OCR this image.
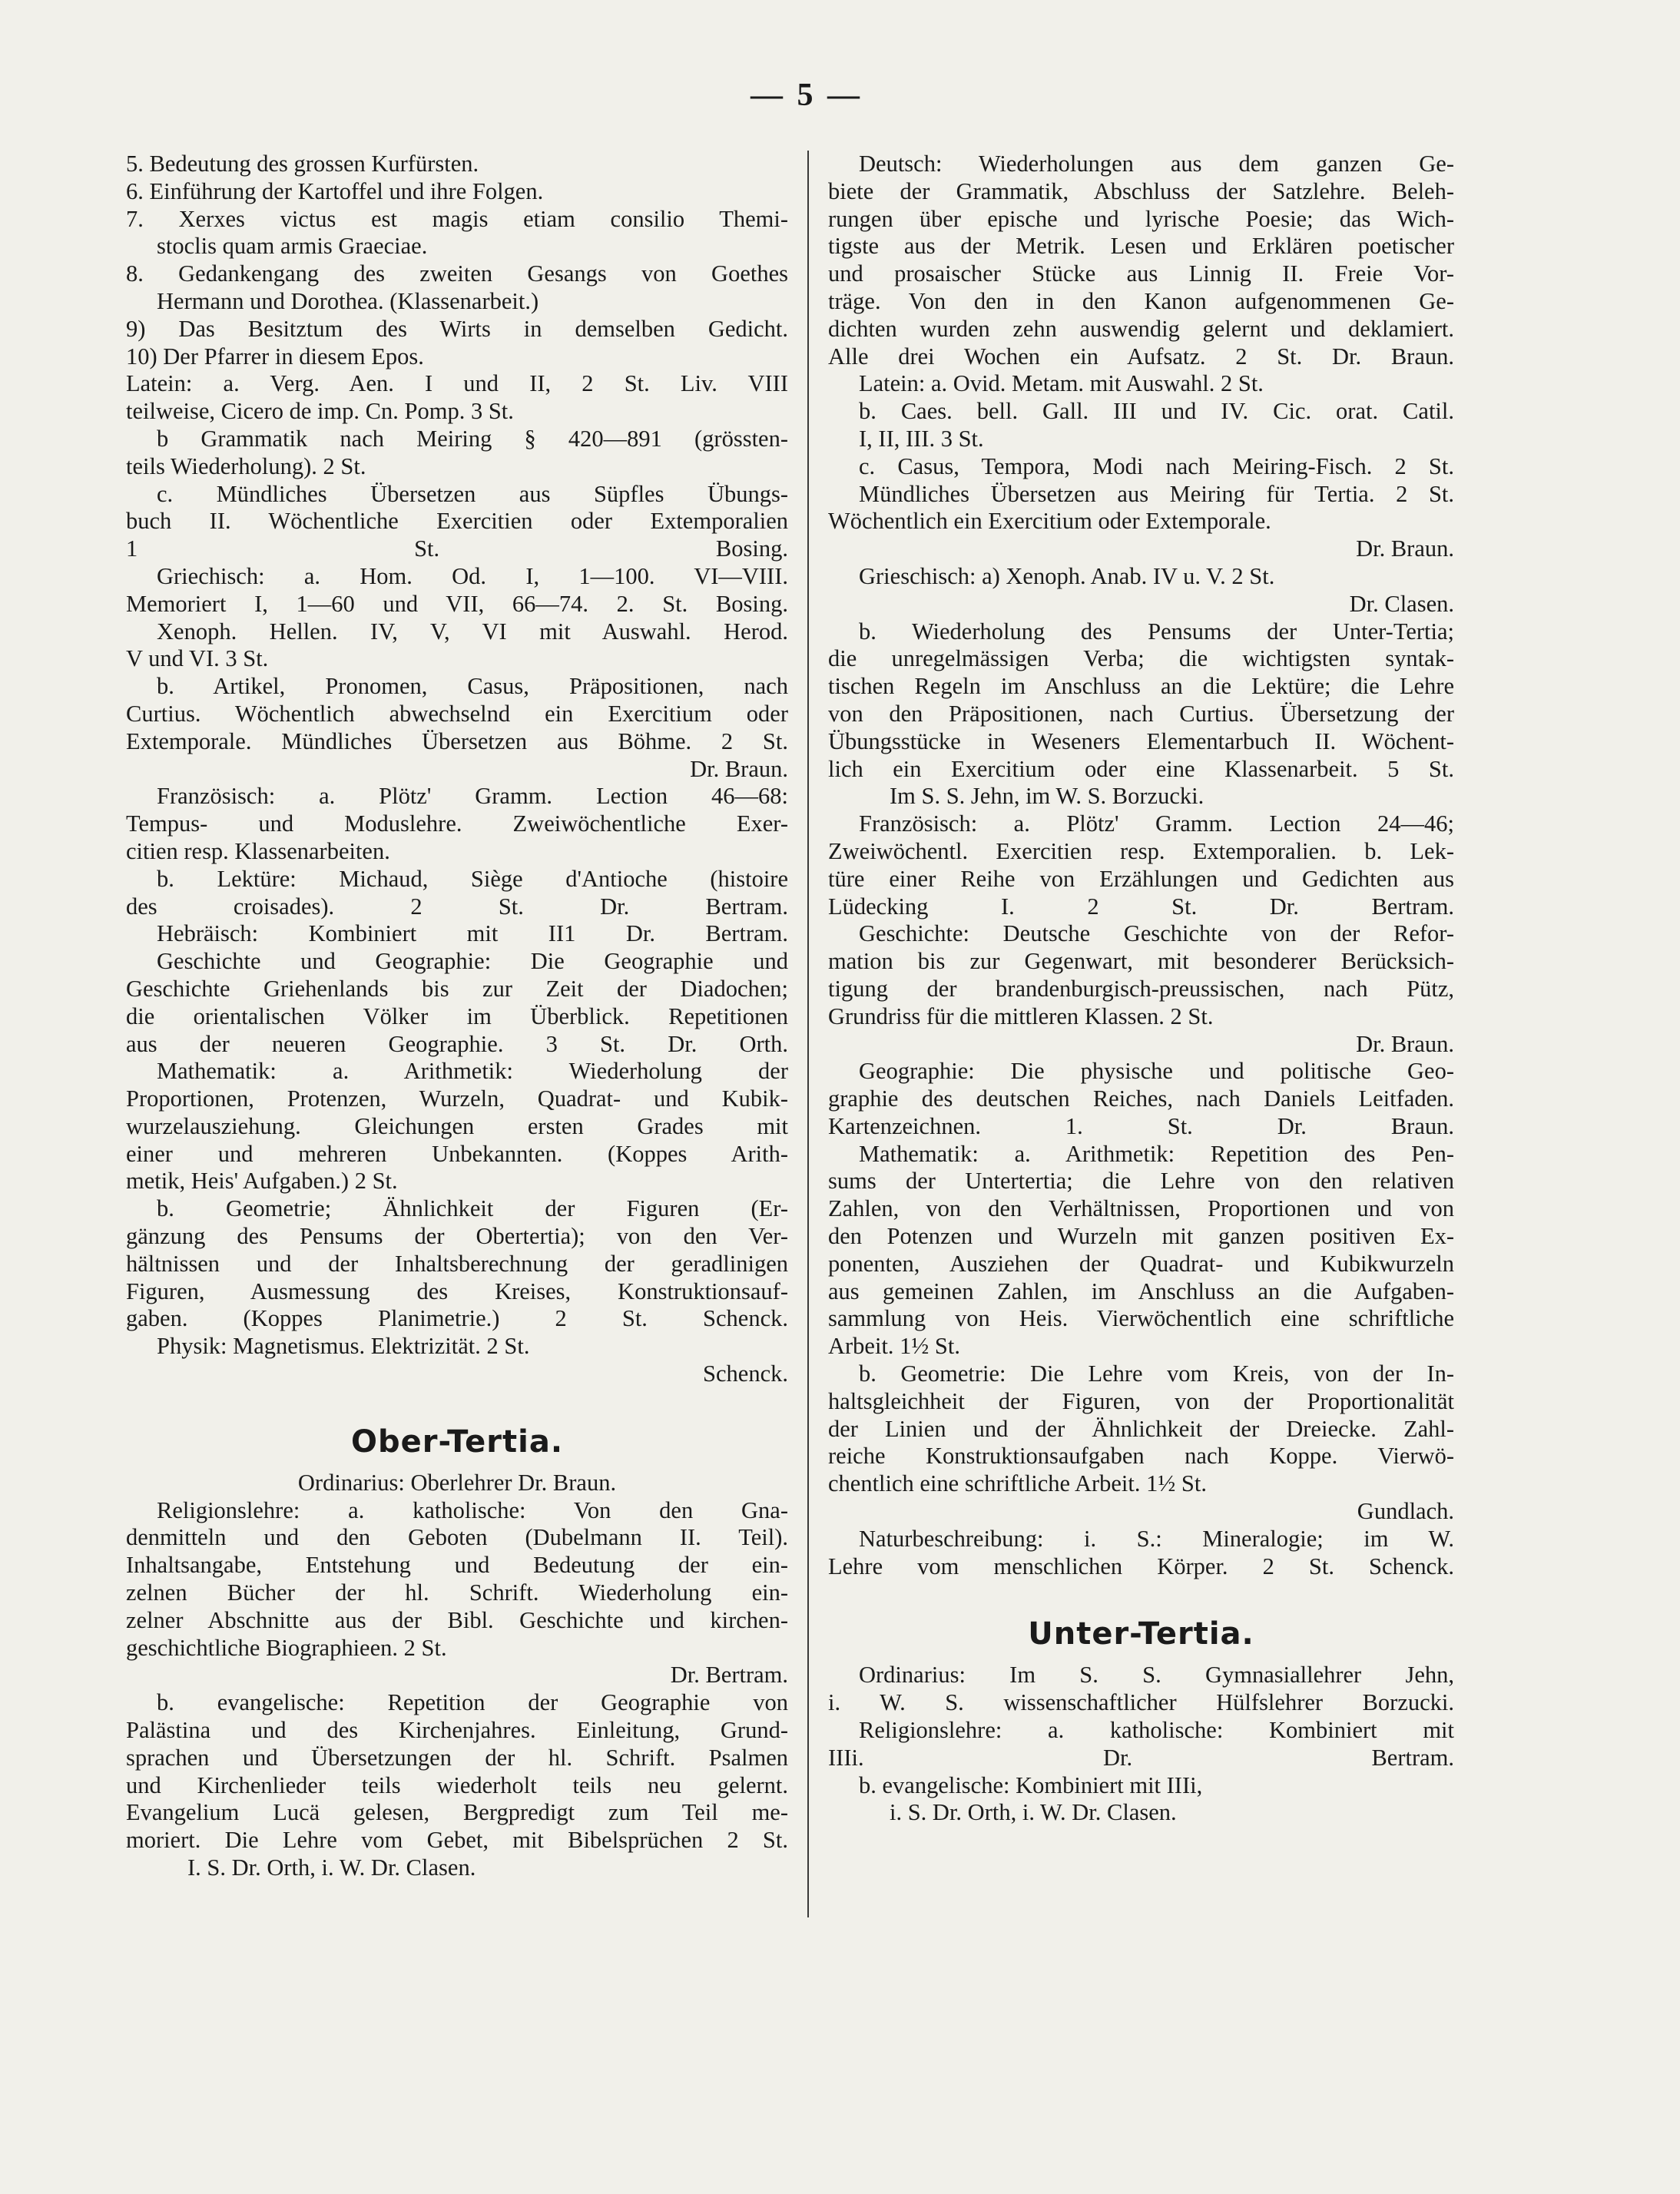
— 5 —
5. Bedeutung des grossen Kurfürsten.
6. Einführung der Kartoffel und ihre Folgen.
7. Xerxes victus est magis etiam consilio Themi-
stoclis quam armis Graeciae.
8. Gedankengang des zweiten Gesangs von Goethes
Hermann und Dorothea. (Klassenarbeit.)
9) Das Besitztum des Wirts in demselben Gedicht.
10) Der Pfarrer in diesem Epos.
Latein: a. Verg. Aen. I und II, 2 St. Liv. VIII
teilweise, Cicero de imp. Cn. Pomp. 3 St.
b Grammatik nach Meiring § 420—891 (grössten-
teils Wiederholung). 2 St.
c. Mündliches Übersetzen aus Süpfles Übungs-
buch II. Wöchentliche Exercitien oder Extemporalien
1 St. Bosing.
Griechisch: a. Hom. Od. I, 1—100. VI—VIII.
Memoriert I, 1—60 und VII, 66—74. 2. St. Bosing.
Xenoph. Hellen. IV, V, VI mit Auswahl. Herod.
V und VI. 3 St.
b. Artikel, Pronomen, Casus, Präpositionen, nach
Curtius. Wöchentlich abwechselnd ein Exercitium oder
Extemporale. Mündliches Übersetzen aus Böhme. 2 St.
Dr. Braun.
Französisch: a. Plötz' Gramm. Lection 46—68:
Tempus- und Moduslehre. Zweiwöchentliche Exer-
citien resp. Klassenarbeiten.
b. Lektüre: Michaud, Siège d'Antioche (histoire
des croisades). 2 St. Dr. Bertram.
Hebräisch: Kombiniert mit II1 Dr. Bertram.
Geschichte und Geographie: Die Geographie und
Geschichte Griehenlands bis zur Zeit der Diadochen;
die orientalischen Völker im Überblick. Repetitionen
aus der neueren Geographie. 3 St. Dr. Orth.
Mathematik: a. Arithmetik: Wiederholung der
Proportionen, Protenzen, Wurzeln, Quadrat- und Kubik-
wurzelausziehung. Gleichungen ersten Grades mit
einer und mehreren Unbekannten. (Koppes Arith-
metik, Heis' Aufgaben.) 2 St.
b. Geometrie; Ähnlichkeit der Figuren (Er-
gänzung des Pensums der Obertertia); von den Ver-
hältnissen und der Inhaltsberechnung der geradlinigen
Figuren, Ausmessung des Kreises, Konstruktionsauf-
gaben. (Koppes Planimetrie.) 2 St. Schenck.
Physik: Magnetismus. Elektrizität. 2 St.
Schenck.
Ober-Tertia.
Ordinarius: Oberlehrer Dr. Braun.
Religionslehre: a. katholische: Von den Gna-
denmitteln und den Geboten (Dubelmann II. Teil).
Inhaltsangabe, Entstehung und Bedeutung der ein-
zelnen Bücher der hl. Schrift. Wiederholung ein-
zelner Abschnitte aus der Bibl. Geschichte und kirchen-
geschichtliche Biographieen. 2 St.
Dr. Bertram.
b. evangelische: Repetition der Geographie von
Palästina und des Kirchenjahres. Einleitung, Grund-
sprachen und Übersetzungen der hl. Schrift. Psalmen
und Kirchenlieder teils wiederholt teils neu gelernt.
Evangelium Lucä gelesen, Bergpredigt zum Teil me-
moriert. Die Lehre vom Gebet, mit Bibelsprüchen 2 St.
I. S. Dr. Orth, i. W. Dr. Clasen.
Deutsch: Wiederholungen aus dem ganzen Ge-
biete der Grammatik, Abschluss der Satzlehre. Beleh-
rungen über epische und lyrische Poesie; das Wich-
tigste aus der Metrik. Lesen und Erklären poetischer
und prosaischer Stücke aus Linnig II. Freie Vor-
träge. Von den in den Kanon aufgenommenen Ge-
dichten wurden zehn auswendig gelernt und deklamiert.
Alle drei Wochen ein Aufsatz. 2 St. Dr. Braun.
Latein: a. Ovid. Metam. mit Auswahl. 2 St.
b. Caes. bell. Gall. III und IV. Cic. orat. Catil.
I, II, III. 3 St.
c. Casus, Tempora, Modi nach Meiring-Fisch. 2 St.
Mündliches Übersetzen aus Meiring für Tertia. 2 St.
Wöchentlich ein Exercitium oder Extemporale.
Dr. Braun.
Grieschisch: a) Xenoph. Anab. IV u. V. 2 St.
Dr. Clasen.
b. Wiederholung des Pensums der Unter-Tertia;
die unregelmässigen Verba; die wichtigsten syntak-
tischen Regeln im Anschluss an die Lektüre; die Lehre
von den Präpositionen, nach Curtius. Übersetzung der
Übungsstücke in Weseners Elementarbuch II. Wöchent-
lich ein Exercitium oder eine Klassenarbeit. 5 St.
Im S. S. Jehn, im W. S. Borzucki.
Französisch: a. Plötz' Gramm. Lection 24—46;
Zweiwöchentl. Exercitien resp. Extemporalien. b. Lek-
türe einer Reihe von Erzählungen und Gedichten aus
Lüdecking I. 2 St. Dr. Bertram.
Geschichte: Deutsche Geschichte von der Refor-
mation bis zur Gegenwart, mit besonderer Berücksich-
tigung der brandenburgisch-preussischen, nach Pütz,
Grundriss für die mittleren Klassen. 2 St.
Dr. Braun.
Geographie: Die physische und politische Geo-
graphie des deutschen Reiches, nach Daniels Leitfaden.
Kartenzeichnen. 1. St. Dr. Braun.
Mathematik: a. Arithmetik: Repetition des Pen-
sums der Untertertia; die Lehre von den relativen
Zahlen, von den Verhältnissen, Proportionen und von
den Potenzen und Wurzeln mit ganzen positiven Ex-
ponenten, Ausziehen der Quadrat- und Kubikwurzeln
aus gemeinen Zahlen, im Anschluss an die Aufgaben-
sammlung von Heis. Vierwöchentlich eine schriftliche
Arbeit. 1½ St.
b. Geometrie: Die Lehre vom Kreis, von der In-
haltsgleichheit der Figuren, von der Proportionalität
der Linien und der Ähnlichkeit der Dreiecke. Zahl-
reiche Konstruktionsaufgaben nach Koppe. Vierwö-
chentlich eine schriftliche Arbeit. 1½ St.
Gundlach.
Naturbeschreibung: i. S.: Mineralogie; im W.
Lehre vom menschlichen Körper. 2 St. Schenck.
Unter-Tertia.
Ordinarius: Im S. S. Gymnasiallehrer Jehn,
i. W. S. wissenschaftlicher Hülfslehrer Borzucki.
Religionslehre: a. katholische: Kombiniert mit
IIIi. Dr. Bertram.
b. evangelische: Kombiniert mit IIIi,
i. S. Dr. Orth, i. W. Dr. Clasen.
